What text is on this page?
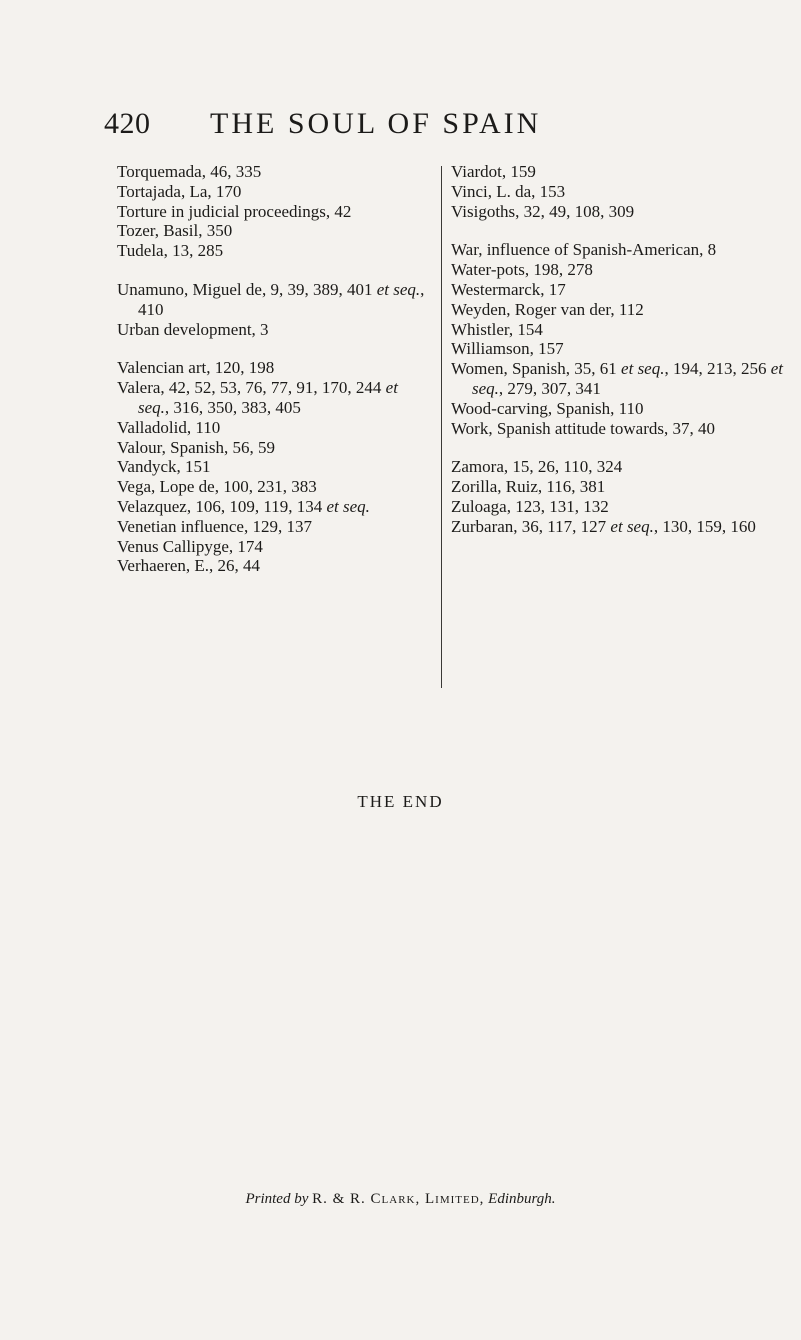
420 THE SOUL OF SPAIN
Torquemada, 46, 335
Tortajada, La, 170
Torture in judicial proceedings, 42
Tozer, Basil, 350
Tudela, 13, 285
Unamuno, Miguel de, 9, 39, 389, 401 et seq., 410
Urban development, 3
Valencian art, 120, 198
Valera, 42, 52, 53, 76, 77, 91, 170, 244 et seq., 316, 350, 383, 405
Valladolid, 110
Valour, Spanish, 56, 59
Vandyck, 151
Vega, Lope de, 100, 231, 383
Velazquez, 106, 109, 119, 134 et seq.
Venetian influence, 129, 137
Venus Callipyge, 174
Verhaeren, E., 26, 44
Viardot, 159
Vinci, L. da, 153
Visigoths, 32, 49, 108, 309
War, influence of Spanish-American, 8
Water-pots, 198, 278
Westermarck, 17
Weyden, Roger van der, 112
Whistler, 154
Williamson, 157
Women, Spanish, 35, 61 et seq., 194, 213, 256 et seq., 279, 307, 341
Wood-carving, Spanish, 110
Work, Spanish attitude towards, 37, 40
Zamora, 15, 26, 110, 324
Zorilla, Ruiz, 116, 381
Zuloaga, 123, 131, 132
Zurbaran, 36, 117, 127 et seq., 130, 159, 160
THE END
Printed by R. & R. Clark, Limited, Edinburgh.
